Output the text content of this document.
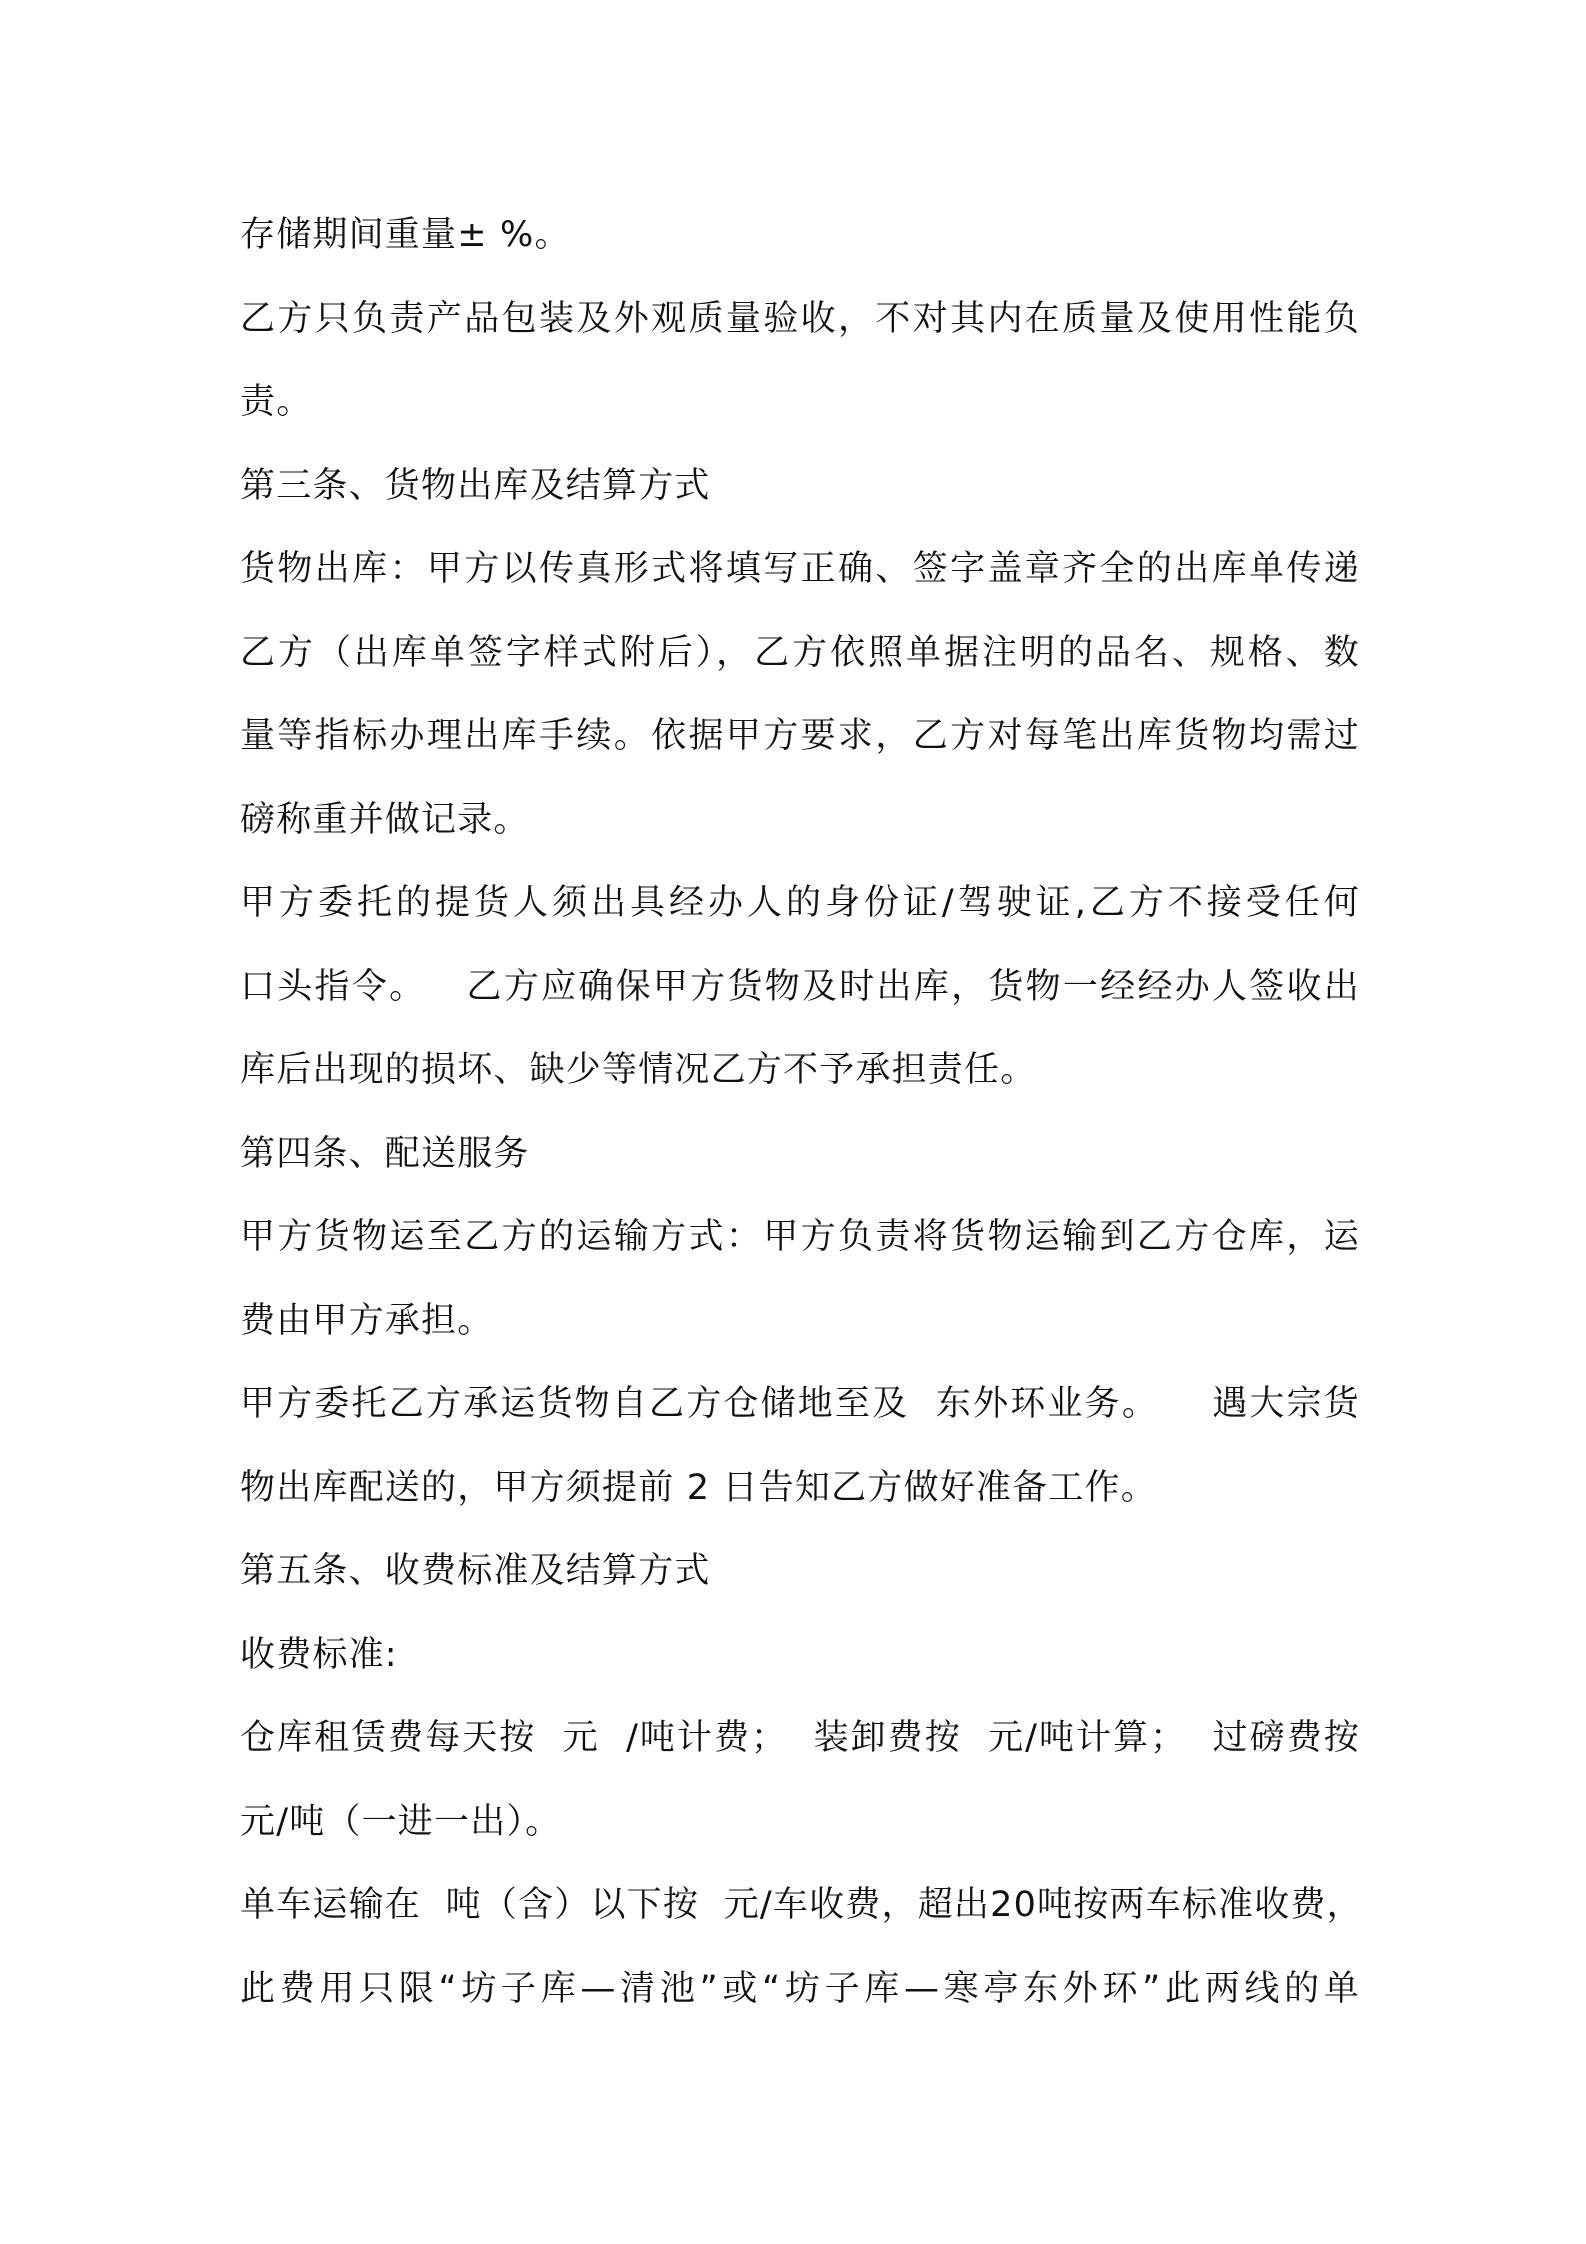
存储期间重量± %。
乙方只负责产品包装及外观质量验收，不对其内在质量及使用性能负
责。
第三条、货物出库及结算方式
货物出库：甲方以传真形式将填写正确、签字盖章齐全的出库单传递
乙方（出库单签字样式附后），乙方依照单据注明的品名、规格、数
量等指标办理出库手续。依据甲方要求，乙方对每笔出库货物均需过
磅称重并做记录。
甲方委托的提货人须出具经办人的身份证/驾驶证,乙方不接受任何
口头指令。   乙方应确保甲方货物及时出库，货物一经经办人签收出
库后出现的损坏、缺少等情况乙方不予承担责任。
第四条、配送服务
甲方货物运至乙方的运输方式：甲方负责将货物运输到乙方仓库，运
费由甲方承担。
甲方委托乙方承运货物自乙方仓储地至及  东外环业务。    遇大宗货
物出库配送的，甲方须提前 2 日告知乙方做好准备工作。
第五条、收费标准及结算方式
收费标准:
仓库租赁费每天按  元  /吨计费；  装卸费按  元/吨计算；  过磅费按
元/吨（一进一出）。
单车运输在  吨（含）以下按  元/车收费，超出20吨按两车标准收费，
此费用只限“坊子库—清池”或“坊子库—寒亭东外环”此两线的单
